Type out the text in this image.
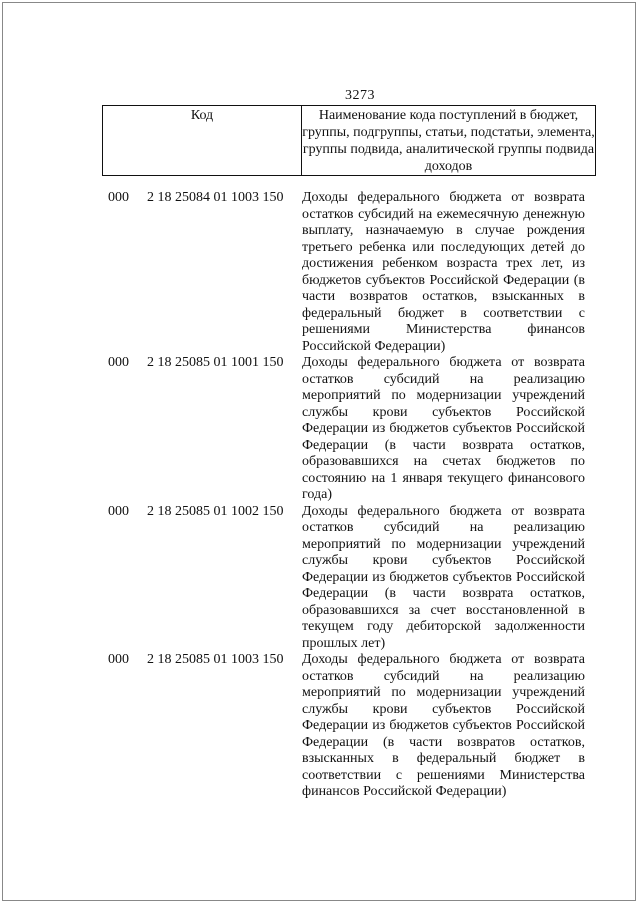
3273
Код	Наименование кода поступлений в бюджет, группы, подгруппы, статьи, подстатьи, элемента, группы подвида, аналитической группы подвида доходов
000 2 18 25084 01 1003 150 Доходы федерального бюджета от возврата остатков субсидий на ежемесячную денежную выплату, назначаемую в случае рождения третьего ребенка или последующих детей до достижения ребенком возраста трех лет, из бюджетов субъектов Российской Федерации (в части возвратов остатков, взысканных в федеральный бюджет в соответствии с решениями Министерства финансов Российской Федерации)
000 2 18 25085 01 1001 150 Доходы федерального бюджета от возврата остатков субсидий на реализацию мероприятий по модернизации учреждений службы крови субъектов Российской Федерации из бюджетов субъектов Российской Федерации (в части возврата остатков, образовавшихся на счетах бюджетов по состоянию на 1 января текущего финансового года)
000 2 18 25085 01 1002 150 Доходы федерального бюджета от возврата остатков субсидий на реализацию мероприятий по модернизации учреждений службы крови субъектов Российской Федерации из бюджетов субъектов Российской Федерации (в части возврата остатков, образовавшихся за счет восстановленной в текущем году дебиторской задолженности прошлых лет)
000 2 18 25085 01 1003 150 Доходы федерального бюджета от возврата остатков субсидий на реализацию мероприятий по модернизации учреждений службы крови субъектов Российской Федерации из бюджетов субъектов Российской Федерации (в части возвратов остатков, взысканных в федеральный бюджет в соответствии с решениями Министерства финансов Российской Федерации)
